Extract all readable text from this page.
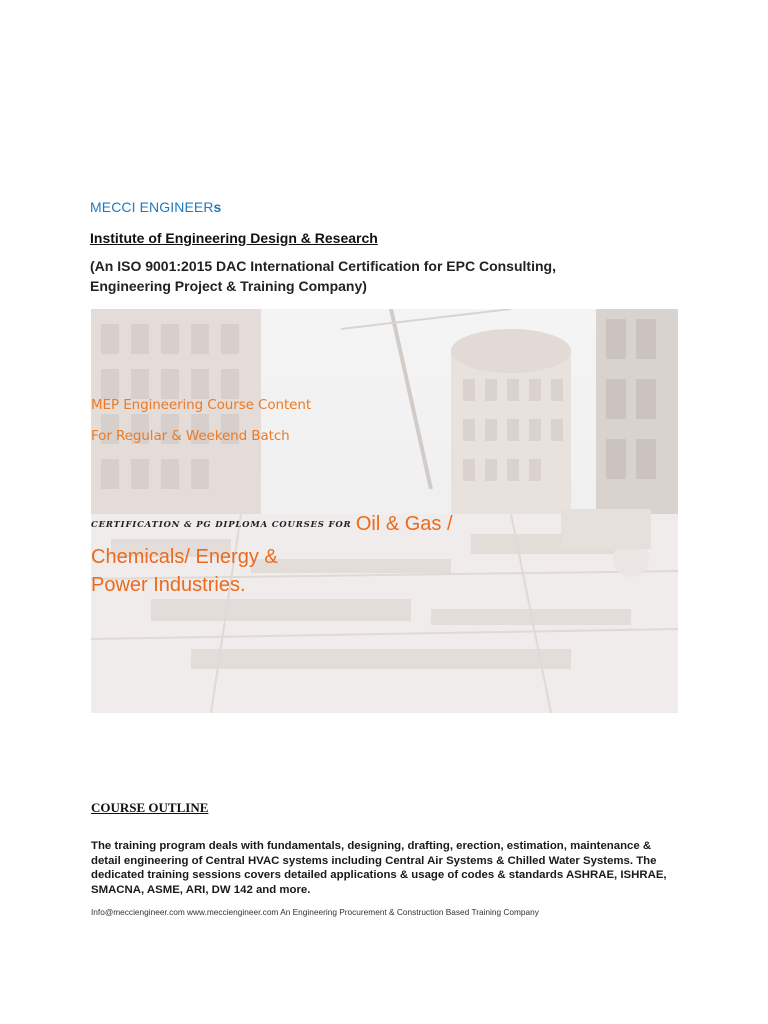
MECCI ENGINEERs
Institute of Engineering Design & Research
(An ISO 9001:2015 DAC International Certification for EPC Consulting,
Engineering Project & Training Company)
MEP Engineering Course Content
For Regular & Weekend Batch
CERTIFICATION & PG DIPLOMA COURSES FOR Oil & Gas /
Chemicals/ Energy &
Power Industries.
COURSE OUTLINE
The training program deals with fundamentals, designing, drafting, erection, estimation, maintenance & detail engineering of Central HVAC systems including Central Air Systems & Chilled Water Systems. The dedicated training sessions covers detailed applications & usage of codes & standards ASHRAE, ISHRAE, SMACNA, ASME, ARI, DW 142 and more.
Info@mecciengineer.com www.mecciengineer.com An Engineering Procurement & Construction Based Training Company
